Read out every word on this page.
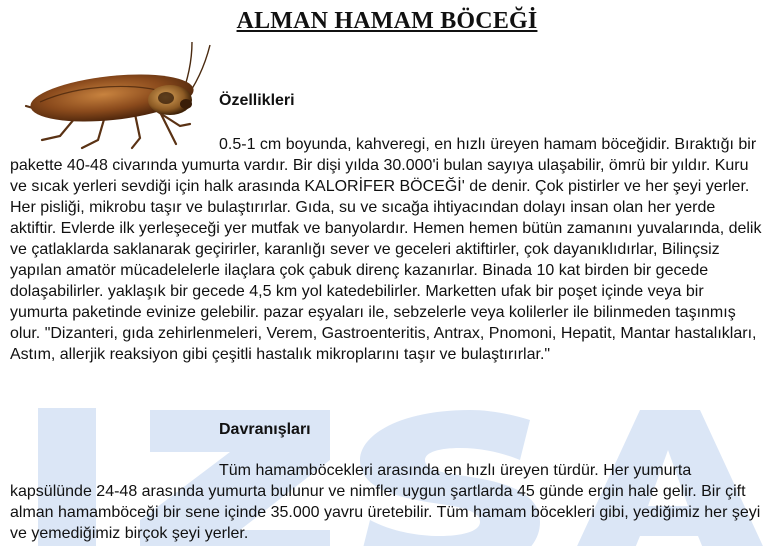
ALMAN HAMAM BÖCEĞİ

Özellikleri

0.5-1 cm boyunda, kahveregi, en hızlı üreyen hamam böceğidir. Bıraktığı bir pakette 40-48 civarında yumurta vardır. Bir dişi yılda 30.000'i bulan sayıya ulaşabilir, ömrü bir yıldır. Kuru ve sıcak yerleri sevdiği için halk arasında KALORİFER BÖCEĞİ' de denir. Çok pistirler ve her şeyi yerler. Her pisliği, mikrobu taşır ve bulaştırırlar. Gıda, su ve sıcağa ihtiyacından dolayı insan olan her yerde aktiftir. Evlerde ilk yerleşeceği yer mutfak ve banyolardır. Hemen hemen bütün zamanını yuvalarında, delik ve çatlaklarda saklanarak geçirirler, karanlığı sever ve geceleri aktiftirler, çok dayanıklıdırlar, Bilinçsiz yapılan amatör mücadelelerle ilaçlara çok çabuk direnç kazanırlar. Binada 10 kat birden bir gecede dolaşabilirler. yaklaşık bir gecede 4,5 km yol katedebilirler. Marketten ufak bir poşet içinde veya bir yumurta paketinde evinize gelebilir. pazar eşyaları ile, sebzelerle veya kolilerler ile bilinmeden taşınmış olur. "Dizanteri, gıda zehirlenmeleri, Verem, Gastroenteritis, Antrax, Pnomoni, Hepatit, Mantar hastalıkları, Astım, allerjik reaksiyon gibi çeşitli hastalık mikroplarını taşır ve bulaştırırlar."

Davranışları

Tüm hamamböcekleri arasında en hızlı üreyen türdür. Her yumurta kapsülünde 24-48 arasında yumurta bulunur ve nimfler uygun şartlarda 45 günde ergin hale gelir. Bir çift alman hamamböceği bir sene içinde 35.000 yavru üretebilir. Tüm hamam böcekleri gibi, yediğimiz her şeyi ve yemediğimiz birçok şeyi yerler.
